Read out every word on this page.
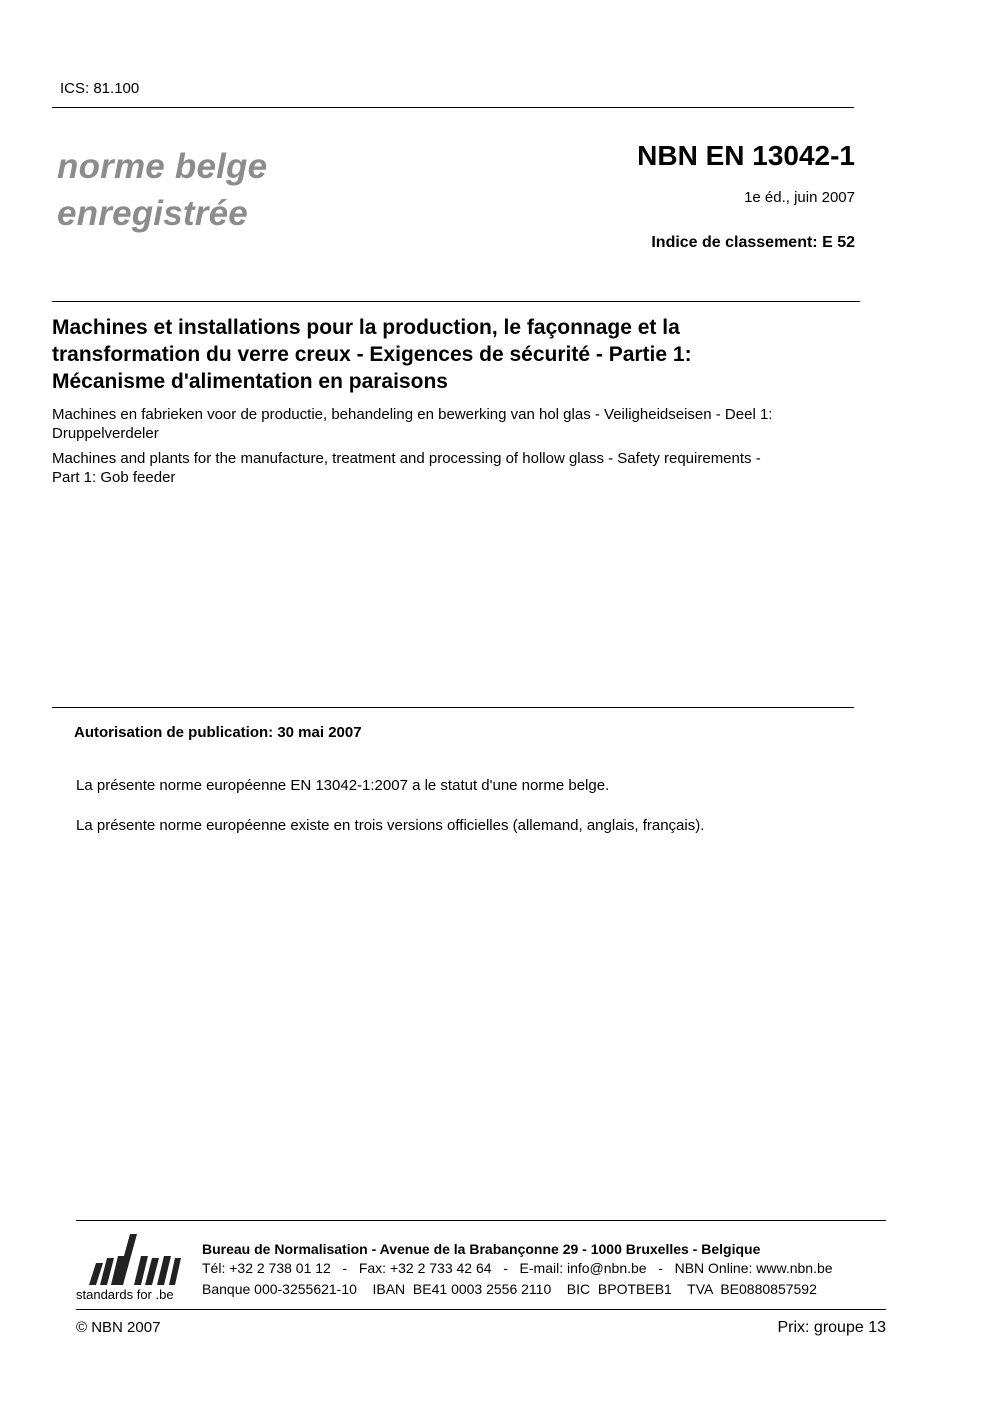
ICS: 81.100
norme belge
enregistrée
NBN EN 13042-1
1e éd., juin 2007
Indice de classement: E 52
Machines et installations pour la production, le façonnage et la
transformation du verre creux - Exigences de sécurité - Partie 1:
Mécanisme d'alimentation en paraisons
Machines en fabrieken voor de productie, behandeling en bewerking van hol glas - Veiligheidseisen - Deel 1:
Druppelverdeler
Machines and plants for the manufacture, treatment and processing of hollow glass - Safety requirements -
Part 1: Gob feeder
Autorisation de publication: 30 mai 2007
La présente norme européenne EN 13042-1:2007 a le statut d'une norme belge.
La présente norme européenne existe en trois versions officielles (allemand, anglais, français).
standards for .be
Bureau de Normalisation - Avenue de la Brabançonne 29 - 1000 Bruxelles - Belgique
Tél: +32 2 738 01 12   -   Fax: +32 2 733 42 64   -   E-mail: info@nbn.be   -   NBN Online: www.nbn.be
Banque 000-3255621-10    IBAN  BE41 0003 2556 2110    BIC  BPOTBEB1    TVA  BE0880857592
© NBN 2007	Prix: groupe 13
